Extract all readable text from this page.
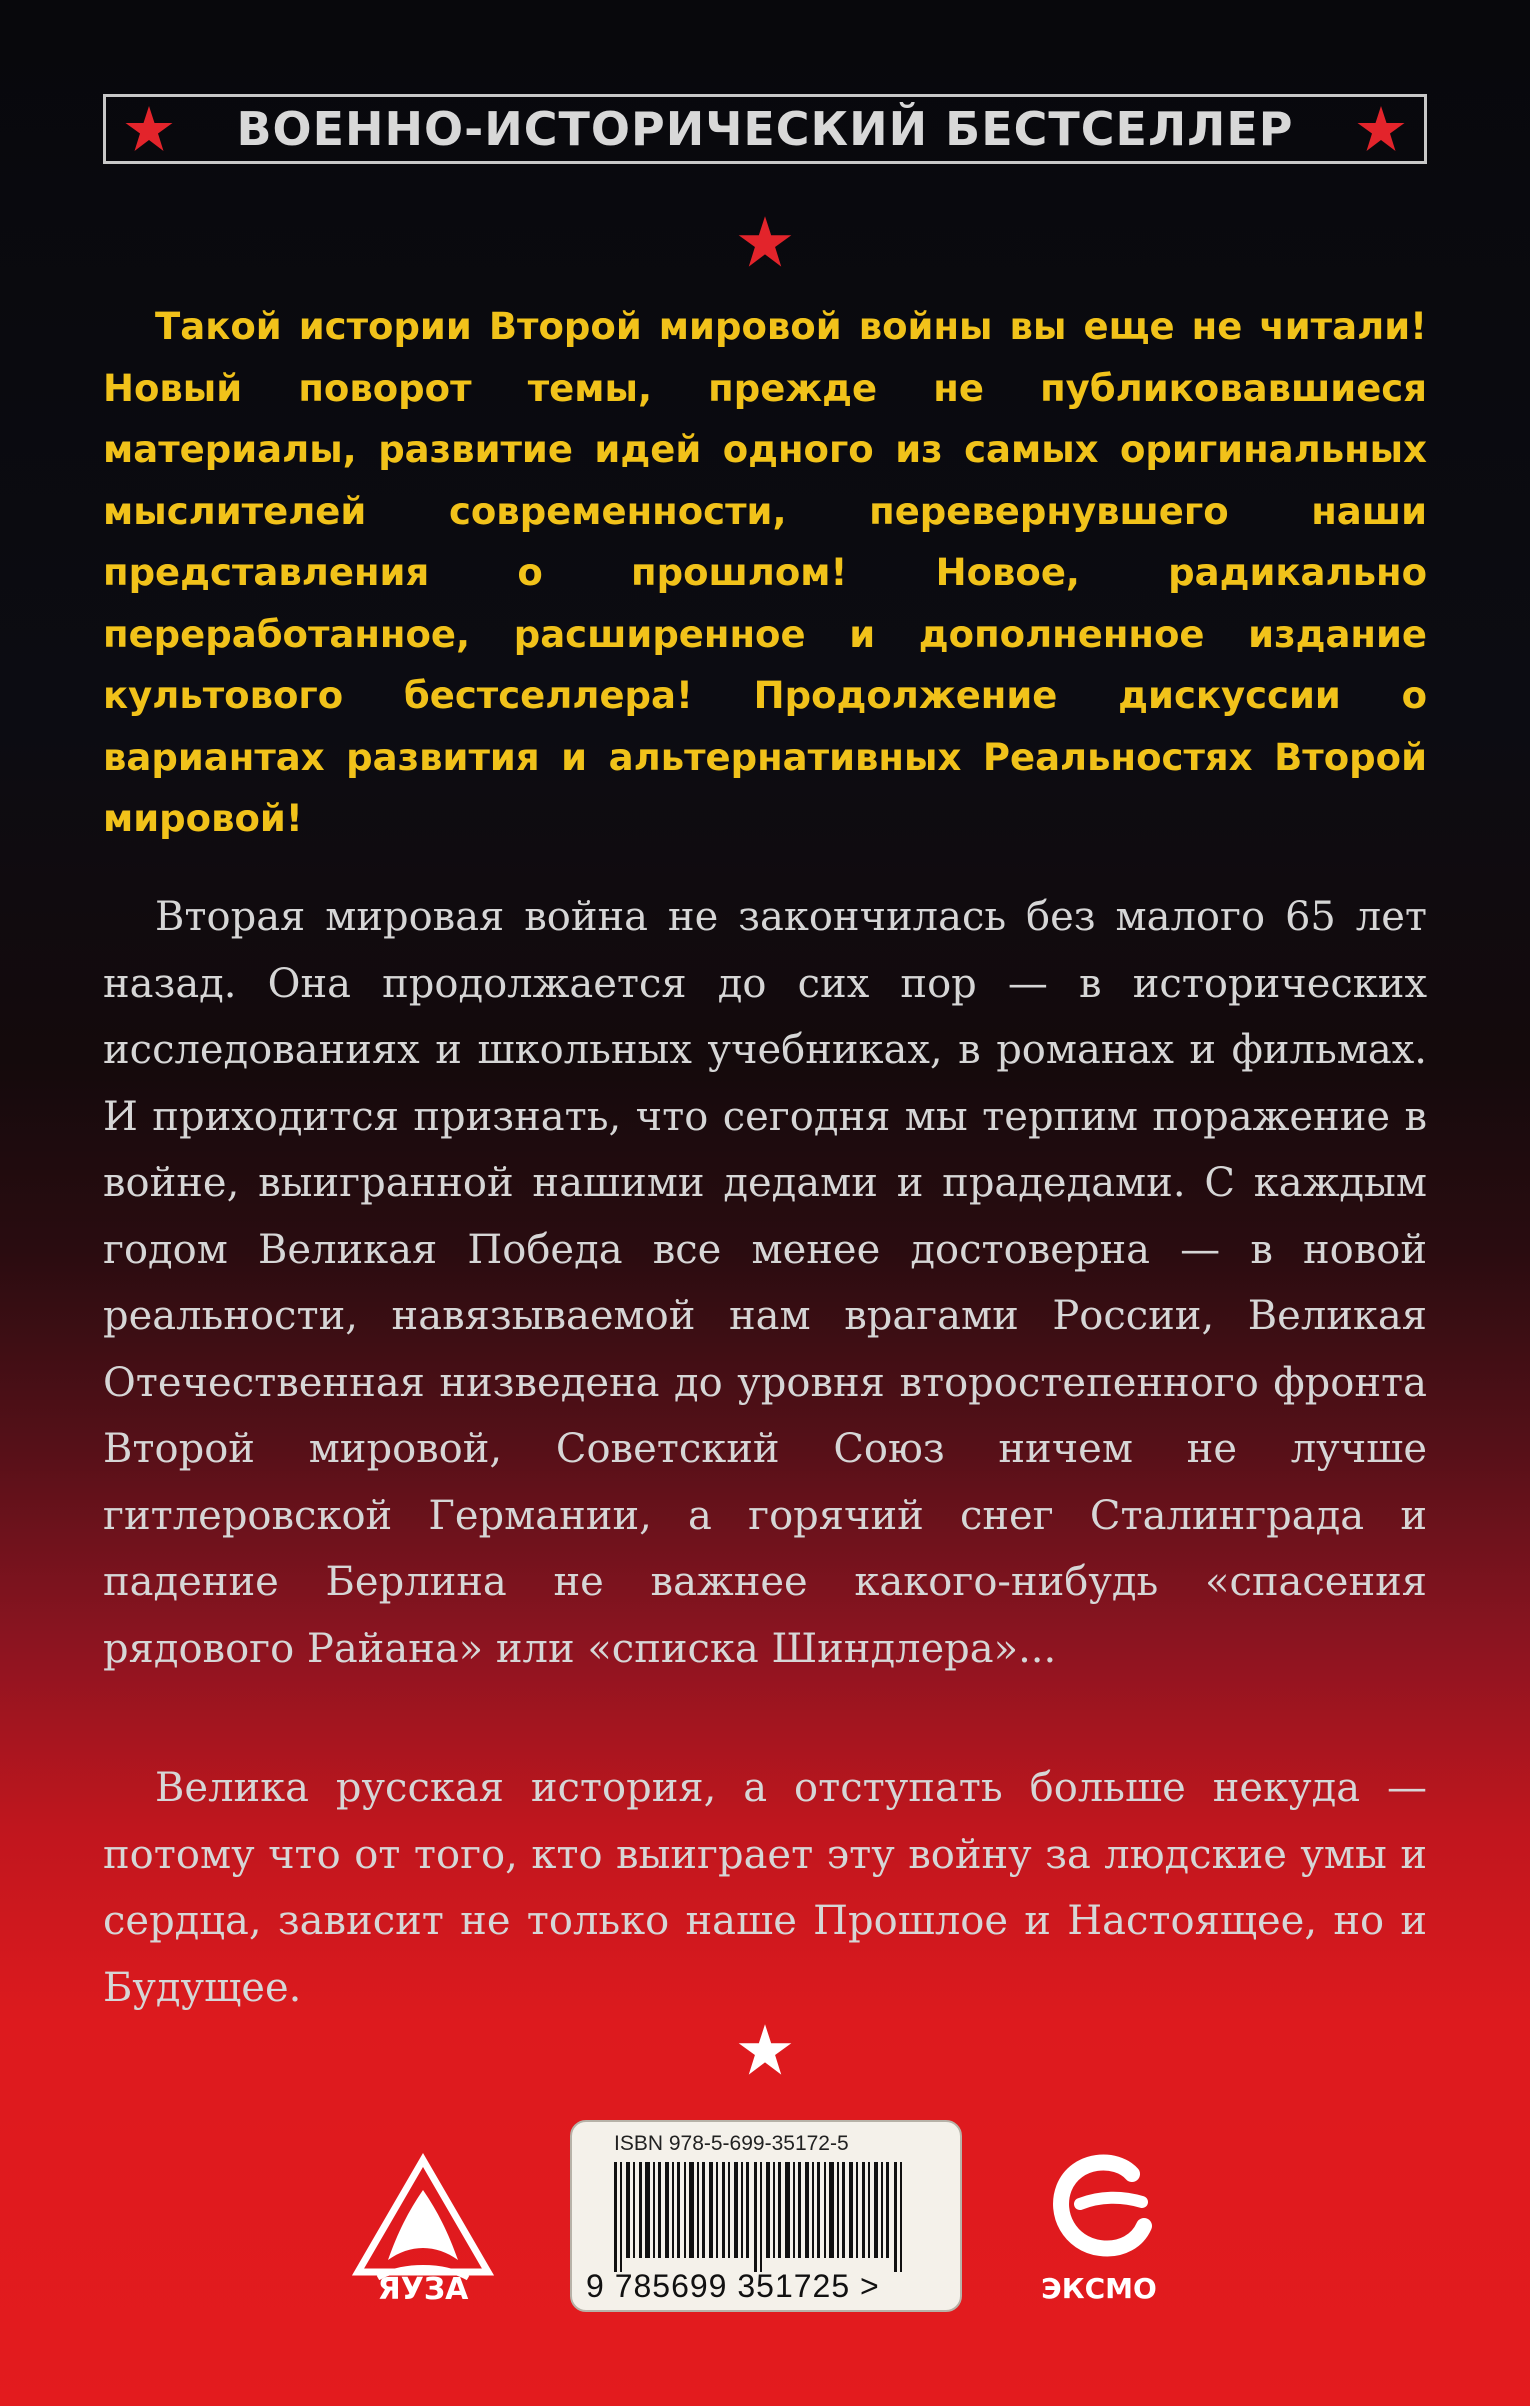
ВОЕННО-ИСТОРИЧЕСКИЙ БЕСТСЕЛЛЕР

Такой истории Второй мировой войны вы еще не читали! Новый поворот темы, прежде не публиковавшиеся материалы, развитие идей одного из самых оригинальных мыслителей современности, перевернувшего наши представления о прошлом! Новое, радикально переработанное, расширенное и дополненное издание культового бестселлера! Продолжение дискуссии о вариантах развития и альтернативных Реальностях Второй мировой!

Вторая мировая война не закончилась без малого 65 лет назад. Она продолжается до сих пор — в исторических исследованиях и школьных учебниках, в романах и фильмах. И приходится признать, что сегодня мы терпим поражение в войне, выигранной нашими дедами и прадедами. С каждым годом Великая Победа все менее достоверна — в новой реальности, навязываемой нам врагами России, Великая Отечественная низведена до уровня второстепенного фронта Второй мировой, Советский Союз ничем не лучше гитлеровской Германии, а горячий снег Сталинграда и падение Берлина не важнее какого-нибудь «спасения рядового Райана» или «списка Шиндлера»...

Велика русская история, а отступать больше некуда — потому что от того, кто выиграет эту войну за людские умы и сердца, зависит не только наше Прошлое и Настоящее, но и Будущее.

ЯУЗА
ISBN 978-5-699-35172-5
9 785699 351725 >	ЭКСМО
